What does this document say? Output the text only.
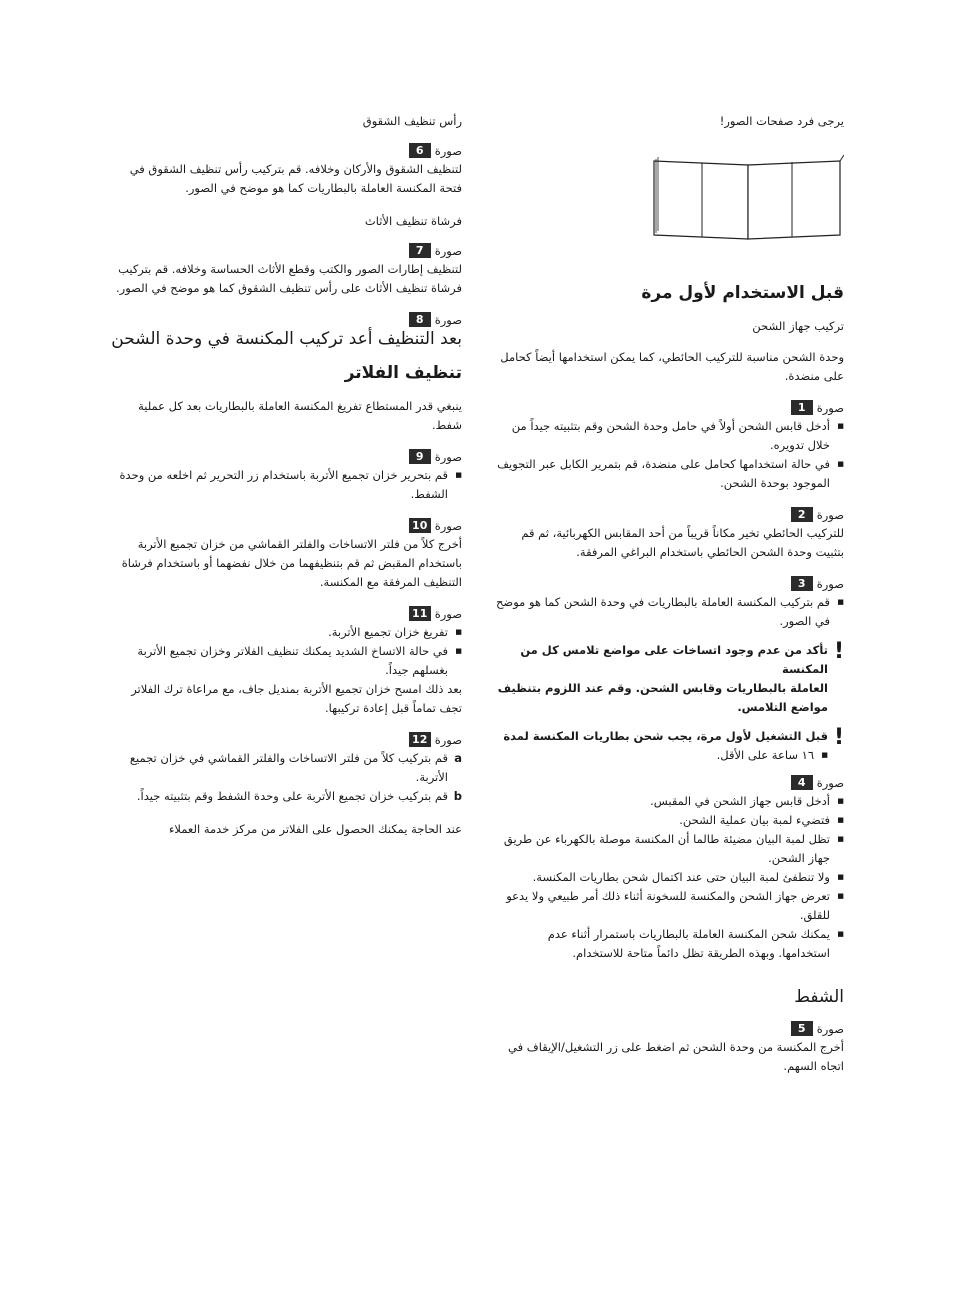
يرجى فرد صفحات الصور!

قبل الاستخدام لأول مرة

تركيب جهاز الشحن

وحدة الشحن مناسبة للتركيب الحائطي، كما يمكن استخدامها أيضاً كحامل على منضدة.

صورة
1
■ أدخل قابس الشحن أولاً في حامل وحدة الشحن وقم بتثبيته جيداً من خلال تدويره.
■ في حالة استخدامها كحامل على منضدة، قم بتمرير الكابل عبر التجويف الموجود بوحدة الشحن.
صورة
2

للتركيب الحائطي تخير مكاناً قريباً من أحد المقابس الكهربائية، ثم قم بتثبيت وحدة الشحن الحائطي باستخدام البراغي المرفقة.

صورة
3
■ قم بتركيب المكنسة العاملة بالبطاريات في وحدة الشحن كما هو موضح في الصور.
!

تأكد من عدم وجود اتساخات على مواضع تلامس كل من المكنسة

العاملة بالبطاريات وقابس الشحن. وقم عند اللزوم بتنظيف مواضع التلامس.

!

قبل التشغيل لأول مرة، يجب شحن بطاريات المكنسة لمدة

■ ١٦ ساعة على الأقل.
صورة
4
■ أدخل قابس جهاز الشحن في المقبس.
■ فتضيء لمبة بيان عملية الشحن.
■ تظل لمبة البيان مضيئة طالما أن المكنسة موصلة بالكهرباء عن طريق جهاز الشحن.
■ ولا تنطفئ لمبة البيان حتى عند اكتمال شحن بطاريات المكنسة.
■ تعرض جهاز الشحن والمكنسة للسخونة أثناء ذلك أمر طبيعي ولا يدعو للقلق.
■ يمكنك شحن المكنسة العاملة بالبطاريات باستمرار أثناء عدم استخدامها. وبهذه الطريقة تظل دائماً متاحة للاستخدام.

الشفط

صورة
5

أخرج المكنسة من وحدة الشحن ثم اضغط على زر التشغيل/الإيقاف في اتجاه السهم.

رأس تنظيف الشقوق

صورة
6

لتنظيف الشقوق والأركان وخلافه. قم بتركيب رأس تنظيف الشقوق في فتحة المكنسة العاملة بالبطاريات كما هو موضح في الصور.

فرشاة تنظيف الأثاث

صورة
7

لتنظيف إطارات الصور والكتب وقطع الأثاث الحساسة وخلافه. قم بتركيب فرشاة تنظيف الأثاث على رأس تنظيف الشقوق كما هو موضح في الصور.

صورة
8

بعد التنظيف أعد تركيب المكنسة في وحدة الشحن

تنظيف الفلاتر

ينبغي قدر المستطاع تفريغ المكنسة العاملة بالبطاريات بعد كل عملية شفط.

صورة
9
■ قم بتحرير خزان تجميع الأتربة باستخدام زر التحرير ثم اخلعه من وحدة الشفط.
صورة
10

أخرج كلاً من فلتر الاتساخات والفلتر القماشي من خزان تجميع الأتربة باستخدام المقبض ثم قم بتنظيفهما من خلال نفضهما أو باستخدام فرشاة التنظيف المرفقة مع المكنسة.

صورة
11
■ تفريغ خزان تجميع الأتربة.
■ في حالة الاتساخ الشديد يمكنك تنظيف الفلاتر وخزان تجميع الأتربة بغسلهم جيداً.

بعد ذلك امسح خزان تجميع الأتربة بمنديل جاف، مع مراعاة ترك الفلاتر تجف تماماً قبل إعادة تركيبها.

صورة
12
a
قم بتركيب كلاً من فلتر الاتساخات والفلتر القماشي في خزان تجميع الأتربة.
b
قم بتركيب خزان تجميع الأتربة على وحدة الشفط وقم بتثبيته جيداً.

عند الحاجة يمكنك الحصول على الفلاتر من مركز خدمة العملاء
